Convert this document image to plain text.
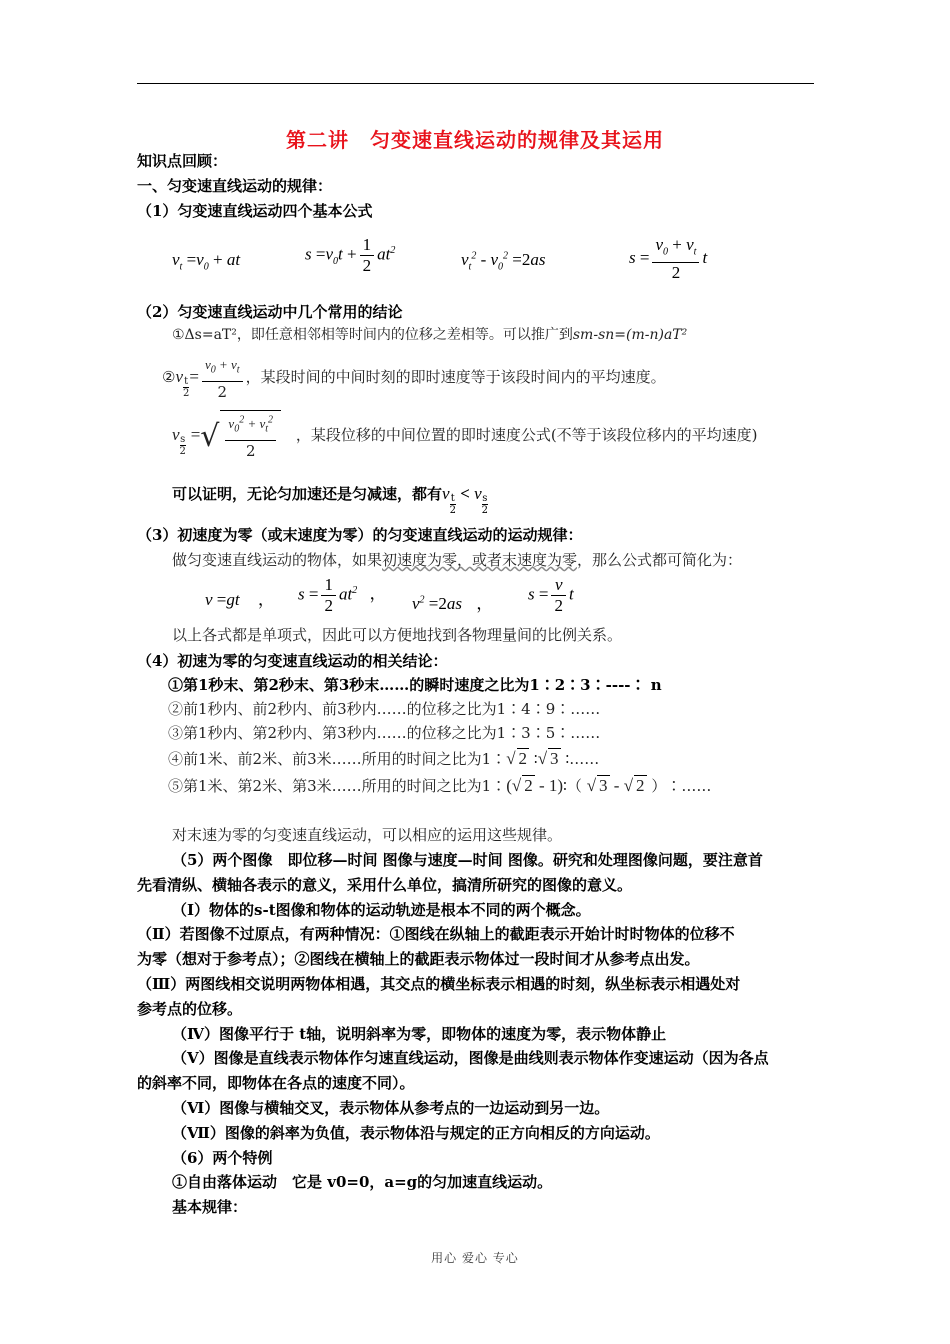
第二讲　匀变速直线运动的规律及其运用
知识点回顾：
一、匀变速直线运动的规律：
（1）匀变速直线运动四个基本公式
$v_t =v_0$ + at	$s =v_0t + \frac{1}{2} at^2$	$v_t^2 - v_0^2 =2as$	$s = \frac{v_0 + v_t}{2}$ t
（2）匀变速直线运动中几个常用的结论
①Δs=aT²，即任意相邻相等时间内的位移之差相等。可以推广到sm-sn=(m-n)aT²
②v $\frac{t}{2} = \frac{v_0 + v_t}{2}$ ，某段时间的中间时刻的即时速度等于该段时间内的平均速度。
v $\frac{s}{2}$ =√ $\frac{v_0^2 + v_t^2}{2}$ ，某段位移的中间位置的即时速度公式(不等于该段位移内的平均速度)
可以证明，无论匀加速还是匀减速，都有v $\frac{t}{2} < v \frac{s}{2}$
（3）初速度为零（或末速度为零）的匀变速直线运动的运动规律：
做匀变速直线运动的物体，如果初速度为零，或者末速度为零，那么公式都可简化为：
v =gt ， $s = \frac{1}{2} at^2$ ，
$v^2 =2as$ ，
$s = \frac{v}{2}$ t
以上各式都是单项式，因此可以方便地找到各物理量间的比例关系。
（4）初速为零的匀变速直线运动的相关结论：
①第1秒末、第2秒末、第3秒末……的瞬时速度之比为1∶2∶3∶----∶ n
②前1秒内、前2秒内、前3秒内……的位移之比为1∶4∶9∶……
③第1秒内、第2秒内、第3秒内……的位移之比为1∶3∶5∶……
④前1米、前2米、前3米……所用的时间之比为1∶√ 2 ∶√ 3 ∶……
⑤第1米、第2米、第3米……所用的时间之比为1∶(√ 2 - 1)∶（ √ 3 - √ 2 ）∶……
对末速为零的匀变速直线运动，可以相应的运用这些规律。
（5）两个图像　即位移—时间 图像与速度—时间 图像。研究和处理图像问题，要注意首
先看清纵、横轴各表示的意义，采用什么单位，搞清所研究的图像的意义。
（Ⅰ）物体的s-t图像和物体的运动轨迹是根本不同的两个概念。
（Ⅱ）若图像不过原点，有两种情况：①图线在纵轴上的截距表示开始计时时物体的位移不
为零（想对于参考点）；②图线在横轴上的截距表示物体过一段时间才从参考点出发。
（Ⅲ）两图线相交说明两物体相遇，其交点的横坐标表示相遇的时刻，纵坐标表示相遇处对
参考点的位移。
（Ⅳ）图像平行于 t轴，说明斜率为零，即物体的速度为零，表示物体静止
（Ⅴ）图像是直线表示物体作匀速直线运动，图像是曲线则表示物体作变速运动（因为各点
的斜率不同，即物体在各点的速度不同）。
（Ⅵ）图像与横轴交叉，表示物体从参考点的一边运动到另一边。
（Ⅶ）图像的斜率为负值，表示物体沿与规定的正方向相反的方向运动。
（6）两个特例
①自由落体运动　它是 v0=0，a=g的匀加速直线运动。
基本规律：
用心 爱心 专心
